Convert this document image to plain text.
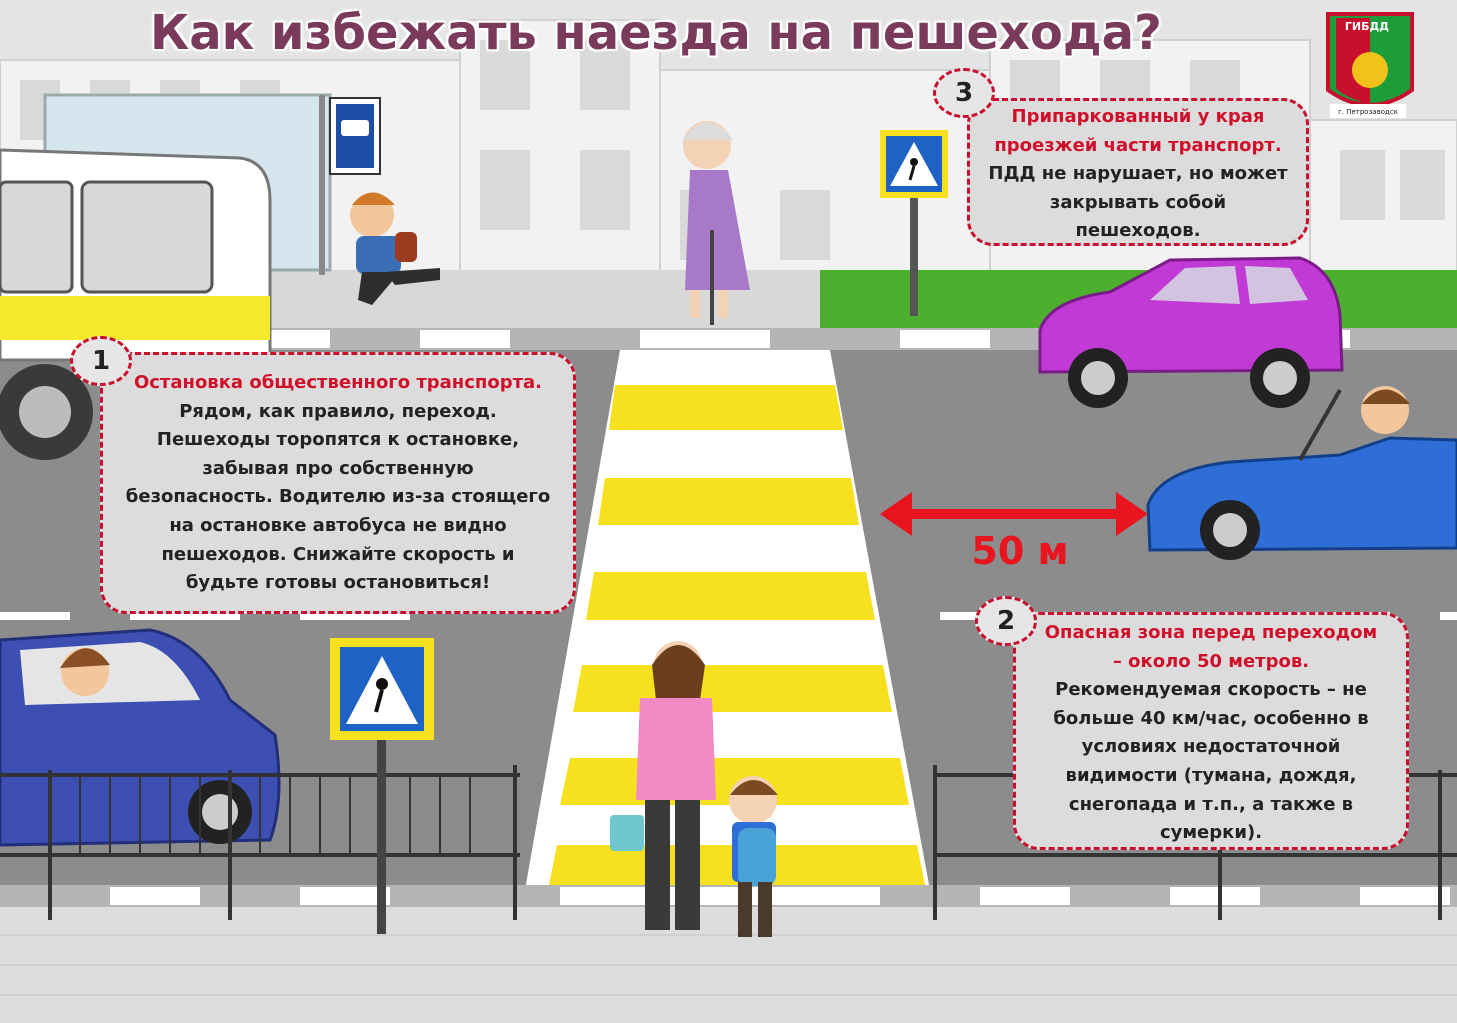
Как избежать наезда на пешехода?	ГИБДД
г. Петрозаводск
Припаркованный у края
проезжей части транспорт.
ПДД не нарушает, но может
закрывать собой
пешеходов.
3
Остановка общественного транспорта.
Рядом, как правило, переход.
Пешеходы торопятся к остановке,
забывая про собственную
безопасность. Водителю из-за стоящего
на остановке автобуса не видно
пешеходов. Снижайте скорость и
будьте готовы остановиться!
1
50 м
Опасная зона перед переходом
– около 50 метров.
Рекомендуемая скорость – не
больше 40 км/час, особенно в
условиях недостаточной
видимости (тумана, дождя,
снегопада и т.п., а также в
сумерки).
2
